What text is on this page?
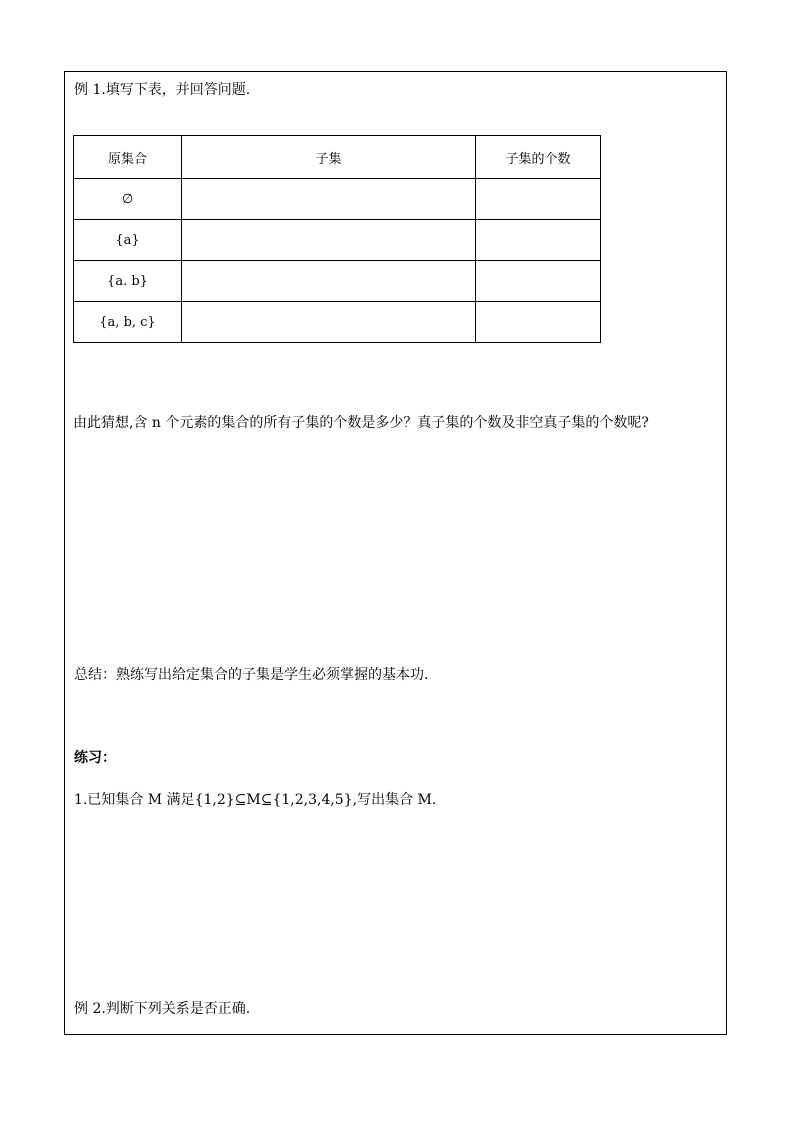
例 1.填写下表，并回答问题.
原集合	子集	子集的个数
∅		
{a}		
{a. b}		
{a, b, c}		
由此猜想,含 n 个元素的集合的所有子集的个数是多少？真子集的个数及非空真子集的个数呢?
总结：熟练写出给定集合的子集是学生必须掌握的基本功.
练习：
1.已知集合 M 满足{1,2}⊆M⊆{1,2,3,4,5},写出集合 M.
例 2.判断下列关系是否正确.
